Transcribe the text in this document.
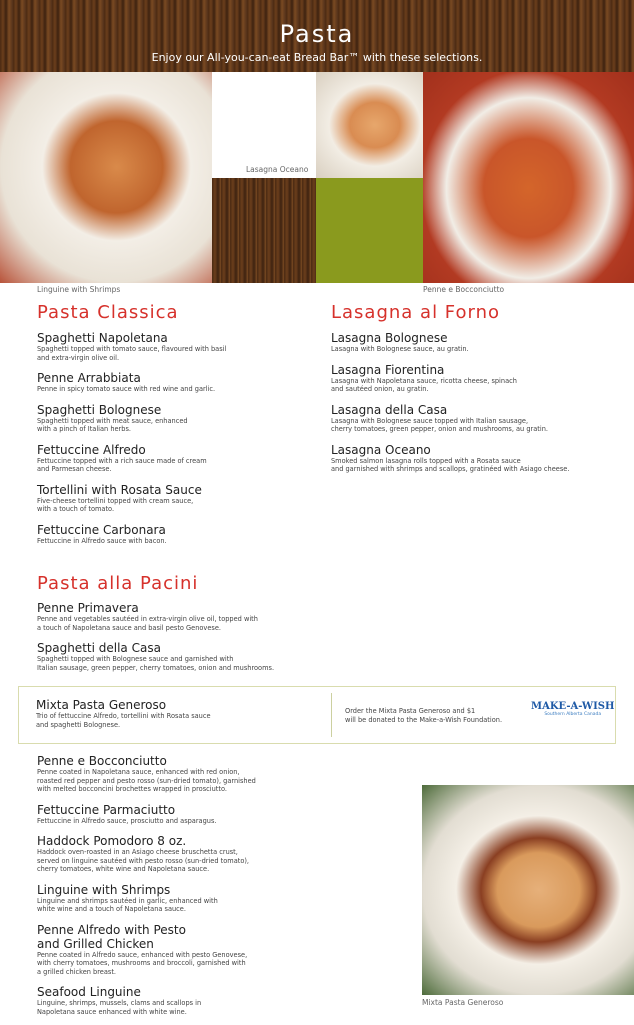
Pasta

Enjoy our All-you-can-eat Bread Bar™ with these selections.

Lasagna Oceano
Linguine with Shrimps	Penne e Bocconciutto
Pasta Classica
Spaghetti Napoletana
Spaghetti topped with tomato sauce, flavoured with basil
and extra-virgin olive oil.
Penne Arrabbiata
Penne in spicy tomato sauce with red wine and garlic.
Spaghetti Bolognese
Spaghetti topped with meat sauce, enhanced
with a pinch of Italian herbs.
Fettuccine Alfredo
Fettuccine topped with a rich sauce made of cream
and Parmesan cheese.
Tortellini with Rosata Sauce
Five-cheese tortellini topped with cream sauce,
with a touch of tomato.
Fettuccine Carbonara
Fettuccine in Alfredo sauce with bacon.
Lasagna al Forno
Lasagna Bolognese
Lasagna with Bolognese sauce, au gratin.
Lasagna Fiorentina
Lasagna with Napoletana sauce, ricotta cheese, spinach
and sautéed onion, au gratin.
Lasagna della Casa
Lasagna with Bolognese sauce topped with Italian sausage,
cherry tomatoes, green pepper, onion and mushrooms, au gratin.
Lasagna Oceano
Smoked salmon lasagna rolls topped with a Rosata sauce
and garnished with shrimps and scallops, gratinéed with Asiago cheese.
Pasta alla Pacini
Penne Primavera
Penne and vegetables sautéed in extra-virgin olive oil, topped with
a touch of Napoletana sauce and basil pesto Genovese.
Spaghetti della Casa
Spaghetti topped with Bolognese sauce and garnished with
Italian sausage, green pepper, cherry tomatoes, onion and mushrooms.
Mixta Pasta Generoso
Trio of fettuccine Alfredo, tortellini with Rosata sauce
and spaghetti Bolognese.
Order the Mixta Pasta Generoso and $1
will be donated to the Make-a-Wish Foundation.
MAKE-A-WISH
Southern Alberta Canada
Penne e Bocconciutto
Penne coated in Napoletana sauce, enhanced with red onion,
roasted red pepper and pesto rosso (sun-dried tomato), garnished
with melted bocconcini brochettes wrapped in prosciutto.
Fettuccine Parmaciutto
Fettuccine in Alfredo sauce, prosciutto and asparagus.
Haddock Pomodoro 8 oz.
Haddock oven-roasted in an Asiago cheese bruschetta crust,
served on linguine sautéed with pesto rosso (sun-dried tomato),
cherry tomatoes, white wine and Napoletana sauce.
Linguine with Shrimps
Linguine and shrimps sautéed in garlic, enhanced with
white wine and a touch of Napoletana sauce.
Penne Alfredo with Pesto
and Grilled Chicken
Penne coated in Alfredo sauce, enhanced with pesto Genovese,
with cherry tomatoes, mushrooms and broccoli, garnished with
a grilled chicken breast.
Seafood Linguine
Linguine, shrimps, mussels, clams and scallops in
Napoletana sauce enhanced with white wine.
Mixta Pasta Generoso
